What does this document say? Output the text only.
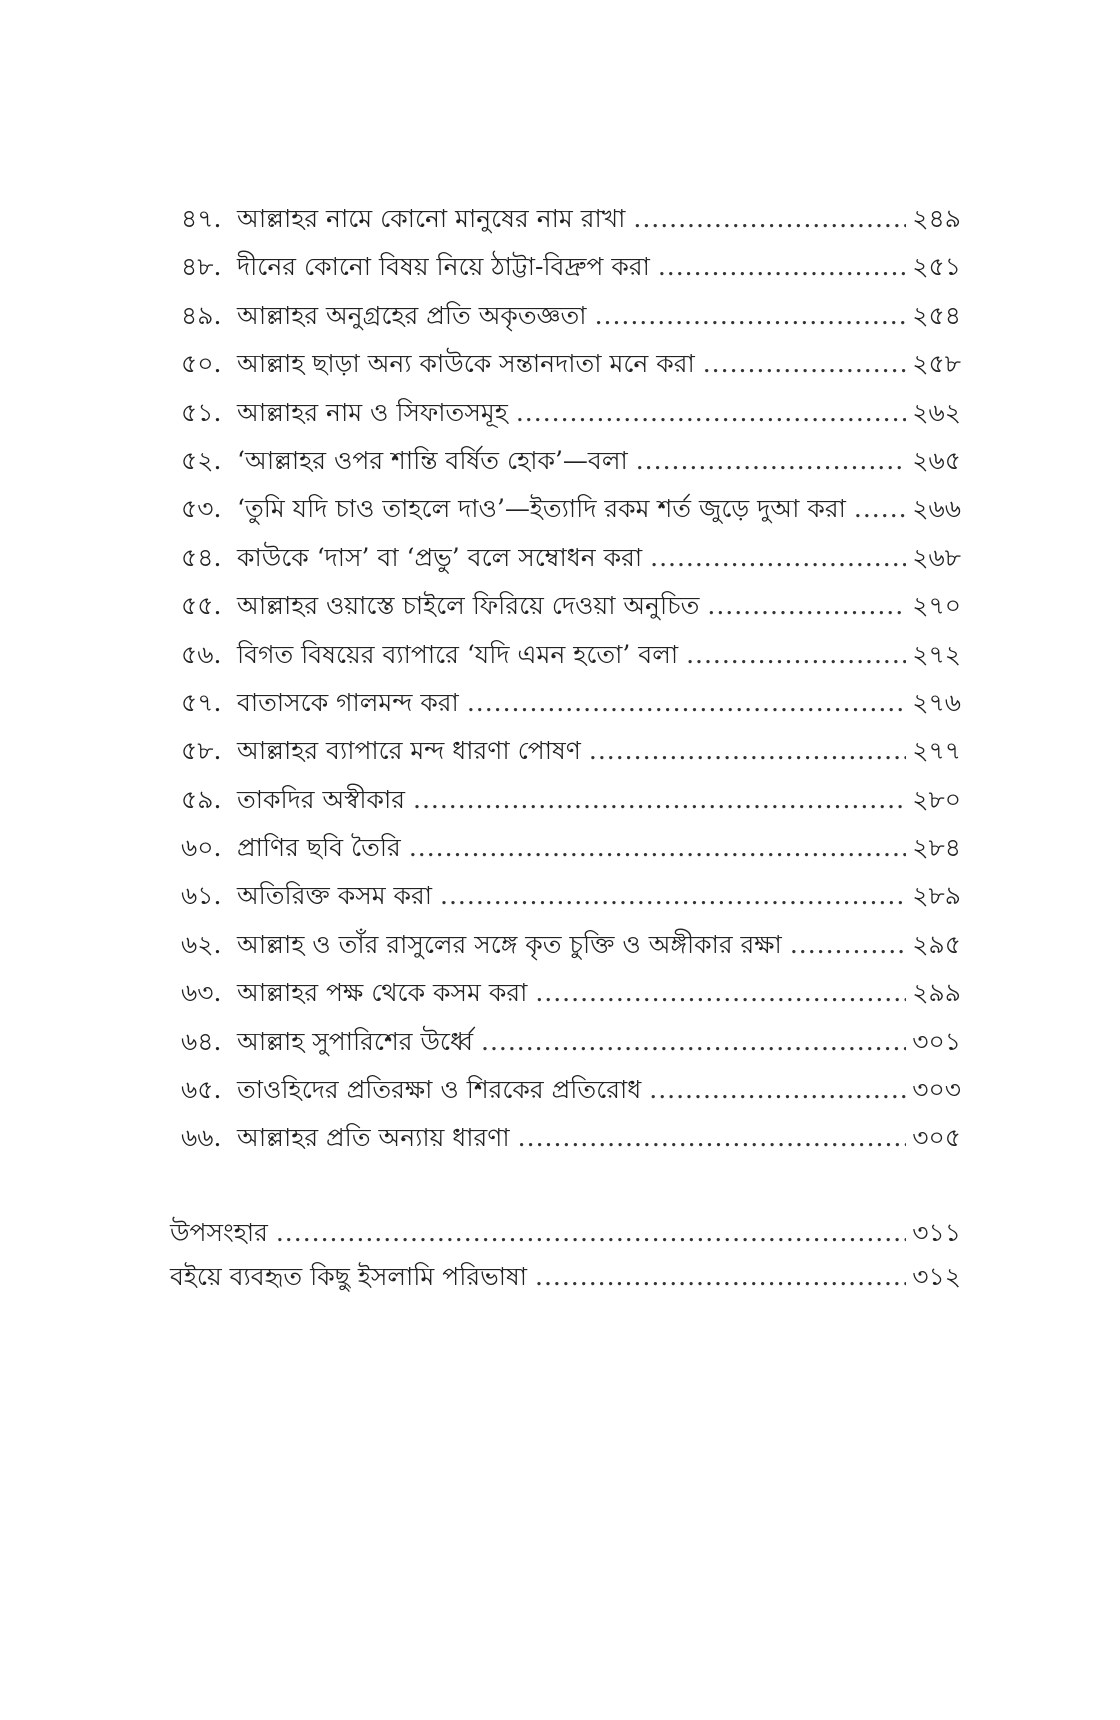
৪৭. আল্লাহর নামে কোনো মানুষের নাম রাখা .....	২৪৯
৪৮. দীনের কোনো বিষয় নিয়ে ঠাট্টা-বিদ্রুপ করা .....	২৫১
৪৯. আল্লাহর অনুগ্রহের প্রতি অকৃতজ্ঞতা .....	২৫৪
৫০. আল্লাহ ছাড়া অন্য কাউকে সন্তানদাতা মনে করা .....	২৫৮
৫১. আল্লাহর নাম ও সিফাতসমূহ .....	২৬২
৫২. ‘আল্লাহর ওপর শান্তি বর্ষিত হোক’—বলা .....	২৬৫
৫৩. ‘তুমি যদি চাও তাহলে দাও’—ইত্যাদি রকম শর্ত জুড়ে দুআ করা .....	২৬৬
৫৪. কাউকে ‘দাস’ বা ‘প্রভু’ বলে সম্বোধন করা .....	২৬৮
৫৫. আল্লাহর ওয়াস্তে চাইলে ফিরিয়ে দেওয়া অনুচিত .....	২৭০
৫৬. বিগত বিষয়ের ব্যাপারে ‘যদি এমন হতো’ বলা .....	২৭২
৫৭. বাতাসকে গালমন্দ করা .....	২৭৬
৫৮. আল্লাহর ব্যাপারে মন্দ ধারণা পোষণ .....	২৭৭
৫৯. তাকদির অস্বীকার .....	২৮০
৬০. প্রাণির ছবি তৈরি .....	২৮৪
৬১. অতিরিক্ত কসম করা .....	২৮৯
৬২. আল্লাহ ও তাঁর রাসুলের সঙ্গে কৃত চুক্তি ও অঙ্গীকার রক্ষা .....	২৯৫
৬৩. আল্লাহর পক্ষ থেকে কসম করা .....	২৯৯
৬৪. আল্লাহ সুপারিশের উর্ধ্বে .....	৩০১
৬৫. তাওহিদের প্রতিরক্ষা ও শিরকের প্রতিরোধ .....	৩০৩
৬৬. আল্লাহর প্রতি অন্যায় ধারণা .....	৩০৫
উপসংহার .....	৩১১
বইয়ে ব্যবহৃত কিছু ইসলামি পরিভাষা .....	৩১২
